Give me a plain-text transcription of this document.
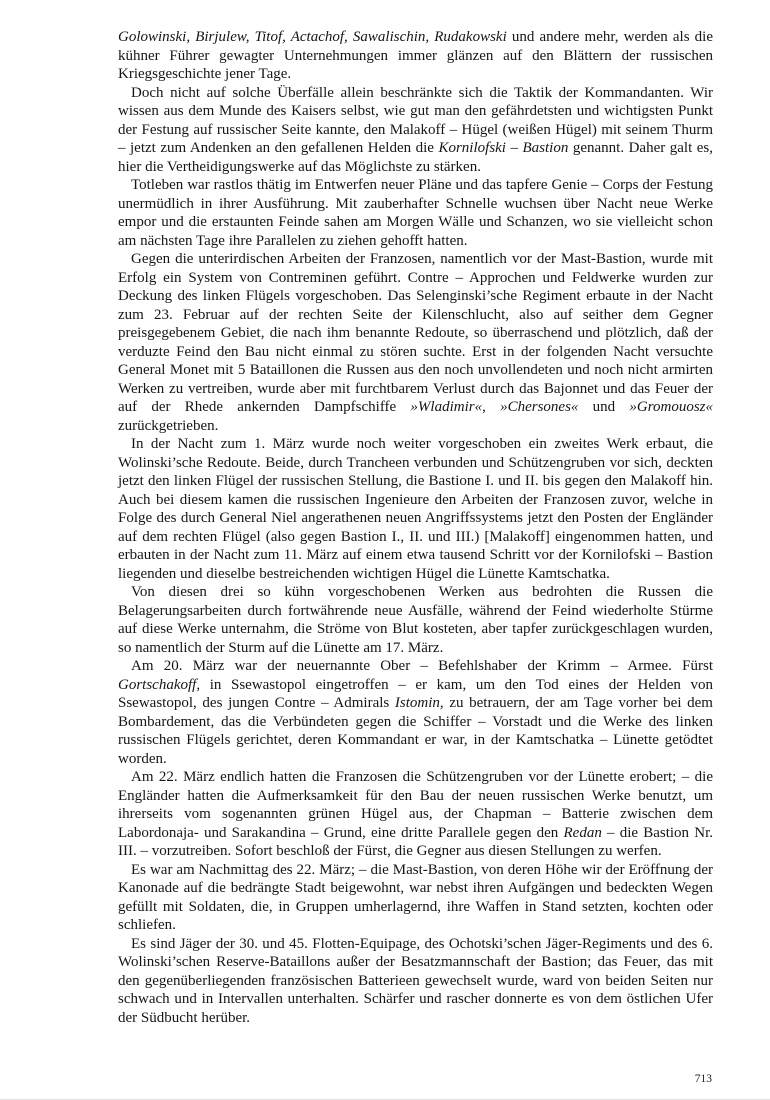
Golowinski, Birjulew, Titof, Actachof, Sawalischin, Rudakowski und andere mehr, werden als die kühner Führer gewagter Unternehmungen immer glänzen auf den Blättern der russischen Kriegsgeschichte jener Tage.

Doch nicht auf solche Überfälle allein beschränkte sich die Taktik der Kommandanten. Wir wissen aus dem Munde des Kaisers selbst, wie gut man den gefährdetsten und wichtigsten Punkt der Festung auf russischer Seite kannte, den Malakoff – Hügel (weißen Hügel) mit seinem Thurm – jetzt zum Andenken an den gefallenen Helden die Kornilofski – Bastion genannt. Daher galt es, hier die Vertheidigungswerke auf das Möglichste zu stärken.

Totleben war rastlos thätig im Entwerfen neuer Pläne und das tapfere Genie – Corps der Festung unermüdlich in ihrer Ausführung. Mit zauberhafter Schnelle wuchsen über Nacht neue Werke empor und die erstaunten Feinde sahen am Morgen Wälle und Schanzen, wo sie vielleicht schon am nächsten Tage ihre Parallelen zu ziehen gehofft hatten.

Gegen die unterirdischen Arbeiten der Franzosen, namentlich vor der Mast-Bastion, wurde mit Erfolg ein System von Contreminen geführt. Contre – Approchen und Feldwerke wurden zur Deckung des linken Flügels vorgeschoben. Das Selenginski’sche Regiment erbaute in der Nacht zum 23. Februar auf der rechten Seite der Kilenschlucht, also auf seither dem Gegner preisgegebenem Gebiet, die nach ihm benannte Redoute, so überraschend und plötzlich, daß der verduzte Feind den Bau nicht einmal zu stören suchte. Erst in der folgenden Nacht versuchte General Monet mit 5 Bataillonen die Russen aus den noch unvollendeten und noch nicht armirten Werken zu vertreiben, wurde aber mit furchtbarem Verlust durch das Bajonnet und das Feuer der auf der Rhede ankernden Dampfschiffe »Wladimir«, »Chersones« und »Gromouosz« zurückgetrieben.

In der Nacht zum 1. März wurde noch weiter vorgeschoben ein zweites Werk erbaut, die Wolinski’sche Redoute. Beide, durch Trancheen verbunden und Schützengruben vor sich, deckten jetzt den linken Flügel der russischen Stellung, die Bastione I. und II. bis gegen den Malakoff hin. Auch bei diesem kamen die russischen Ingenieure den Arbeiten der Franzosen zuvor, welche in Folge des durch General Niel angerathenen neuen Angriffssystems jetzt den Posten der Engländer auf dem rechten Flügel (also gegen Bastion I., II. und III.) [Malakoff] eingenommen hatten, und erbauten in der Nacht zum 11. März auf einem etwa tausend Schritt vor der Kornilofski – Bastion liegenden und dieselbe bestreichenden wichtigen Hügel die Lünette Kamtschatka.

Von diesen drei so kühn vorgeschobenen Werken aus bedrohten die Russen die Belagerungsarbeiten durch fortwährende neue Ausfälle, während der Feind wiederholte Stürme auf diese Werke unternahm, die Ströme von Blut kosteten, aber tapfer zurückgeschlagen wurden, so namentlich der Sturm auf die Lünette am 17. März.

Am 20. März war der neuernannte Ober – Befehlshaber der Krimm – Armee. Fürst Gortschakoff, in Ssewastopol eingetroffen – er kam, um den Tod eines der Helden von Ssewastopol, des jungen Contre – Admirals Istomin, zu betrauern, der am Tage vorher bei dem Bombardement, das die Verbündeten gegen die Schiffer – Vorstadt und die Werke des linken russischen Flügels gerichtet, deren Kommandant er war, in der Kamtschatka – Lünette getödtet worden.

Am 22. März endlich hatten die Franzosen die Schützengruben vor der Lünette erobert; – die Engländer hatten die Aufmerksamkeit für den Bau der neuen russischen Werke benutzt, um ihrerseits vom sogenannten grünen Hügel aus, der Chapman – Batterie zwischen dem Labordonaja- und Sarakandina – Grund, eine dritte Parallele gegen den Redan – die Bastion Nr. III. – vorzutreiben. Sofort beschloß der Fürst, die Gegner aus diesen Stellungen zu werfen.

Es war am Nachmittag des 22. März; – die Mast-Bastion, von deren Höhe wir der Eröffnung der Kanonade auf die bedrängte Stadt beigewohnt, war nebst ihren Aufgängen und bedeckten Wegen gefüllt mit Soldaten, die, in Gruppen umherlagernd, ihre Waffen in Stand setzten, kochten oder schliefen.

Es sind Jäger der 30. und 45. Flotten-Equipage, des Ochotski’schen Jäger-Regiments und des 6. Wolinski’schen Reserve-Bataillons außer der Besatzmannschaft der Bastion; das Feuer, das mit den gegenüberliegenden französischen Batterieen gewechselt wurde, ward von beiden Seiten nur schwach und in Intervallen unterhalten. Schärfer und rascher donnerte es von dem östlichen Ufer der Südbucht herüber.

713
